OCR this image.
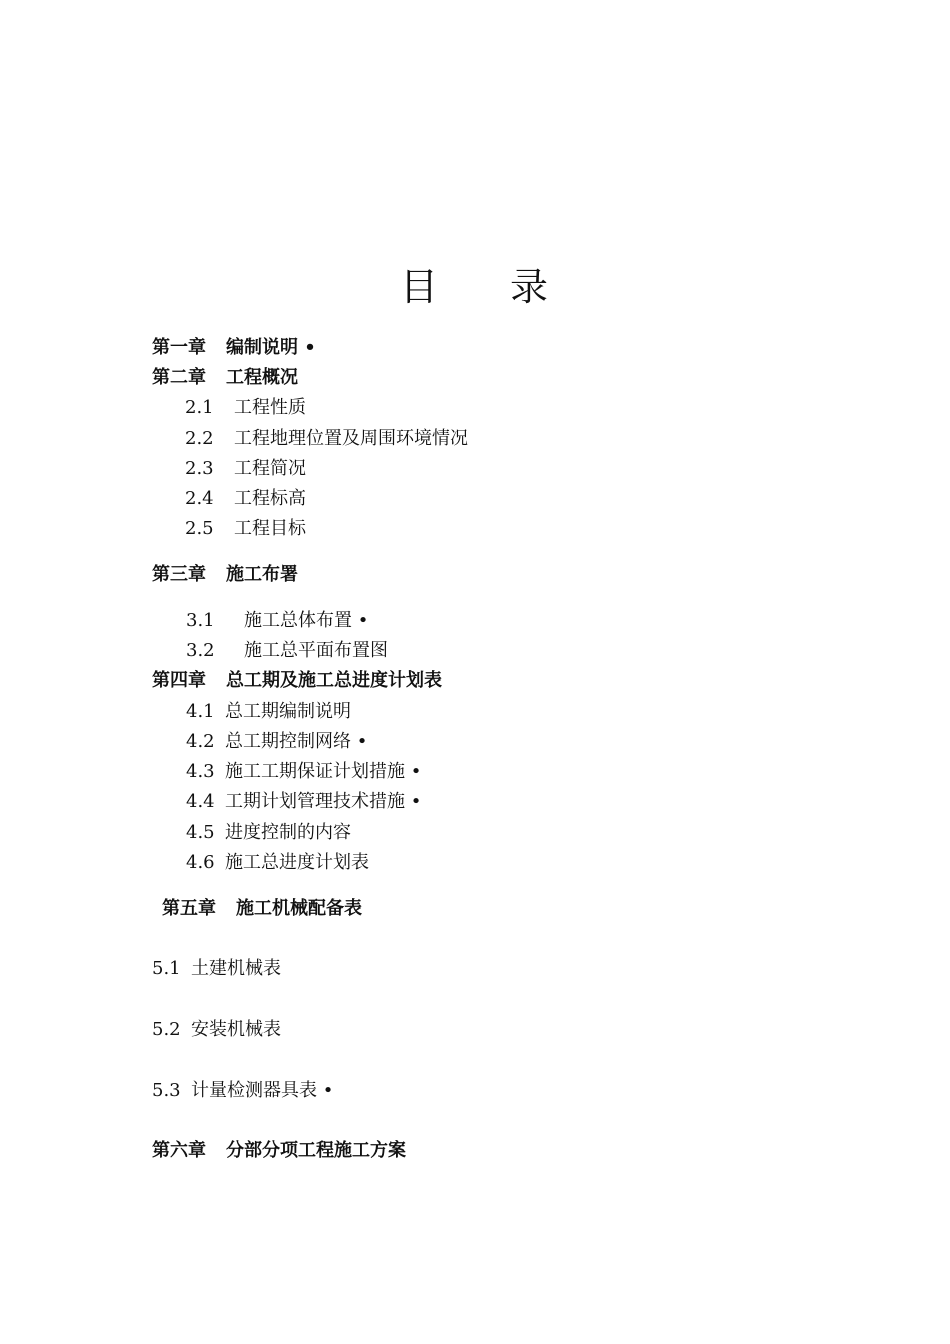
目 录
第一章 编制说明 •
第二章 工程概况
2.1 工程性质
2.2 工程地理位置及周围环境情况
2.3 工程简况
2.4 工程标高
2.5 工程目标
第三章 施工布署
3.1 施工总体布置 •
3.2 施工总平面布置图
第四章 总工期及施工总进度计划表
4.1 总工期编制说明
4.2 总工期控制网络 •
4.3 施工工期保证计划措施 •
4.4 工期计划管理技术措施 •
4.5 进度控制的内容
4.6 施工总进度计划表
第五章 施工机械配备表
5.1 土建机械表
5.2 安装机械表
5.3 计量检测器具表 •
第六章 分部分项工程施工方案
